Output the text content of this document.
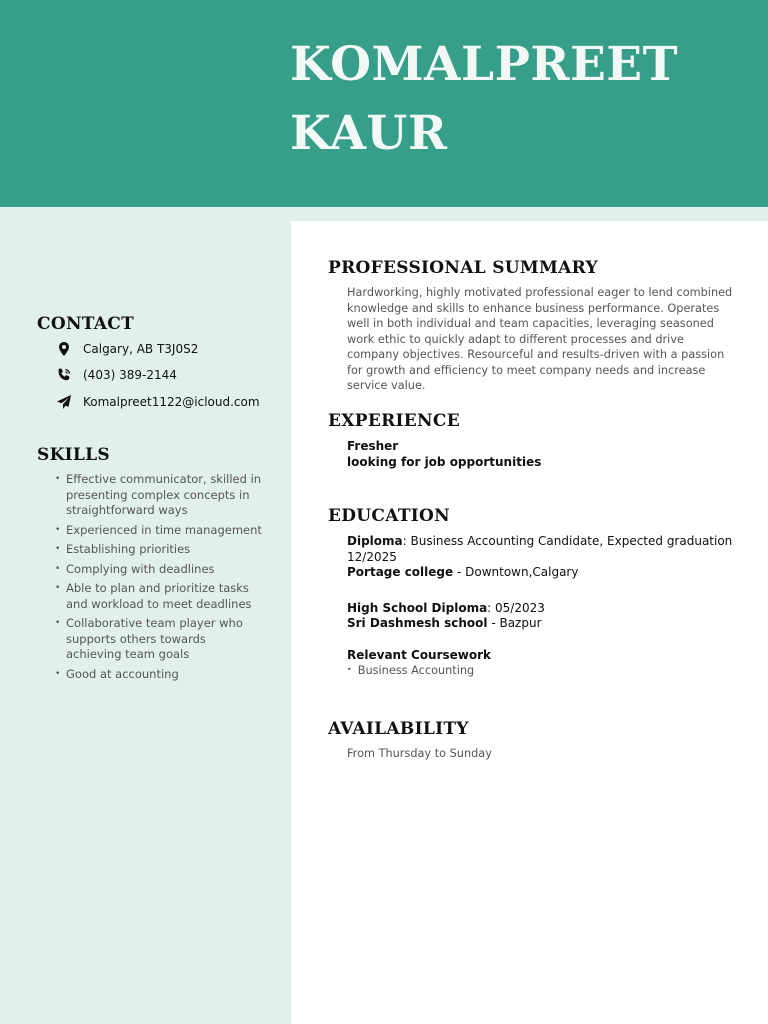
KOMALPREET
KAUR
CONTACT
Calgary, AB T3J0S2
(403) 389-2144
Komalpreet1122@icloud.com
SKILLS
• Effective communicator, skilled in presenting complex concepts in straightforward ways
• Experienced in time management
• Establishing priorities
• Complying with deadlines
• Able to plan and prioritize tasks and workload to meet deadlines
• Collaborative team player who supports others towards achieving team goals
• Good at accounting
PROFESSIONAL SUMMARY
Hardworking, highly motivated professional eager to lend combined knowledge and skills to enhance business performance. Operates well in both individual and team capacities, leveraging seasoned work ethic to quickly adapt to different processes and drive company objectives. Resourceful and results-driven with a passion for growth and efficiency to meet company needs and increase service value.
EXPERIENCE
Fresher
looking for job opportunities
EDUCATION
Diploma: Business Accounting Candidate, Expected graduation 12/2025
Portage college - Downtown,Calgary
High School Diploma: 05/2023
Sri Dashmesh school - Bazpur
Relevant Coursework
• Business Accounting
AVAILABILITY
From Thursday to Sunday
